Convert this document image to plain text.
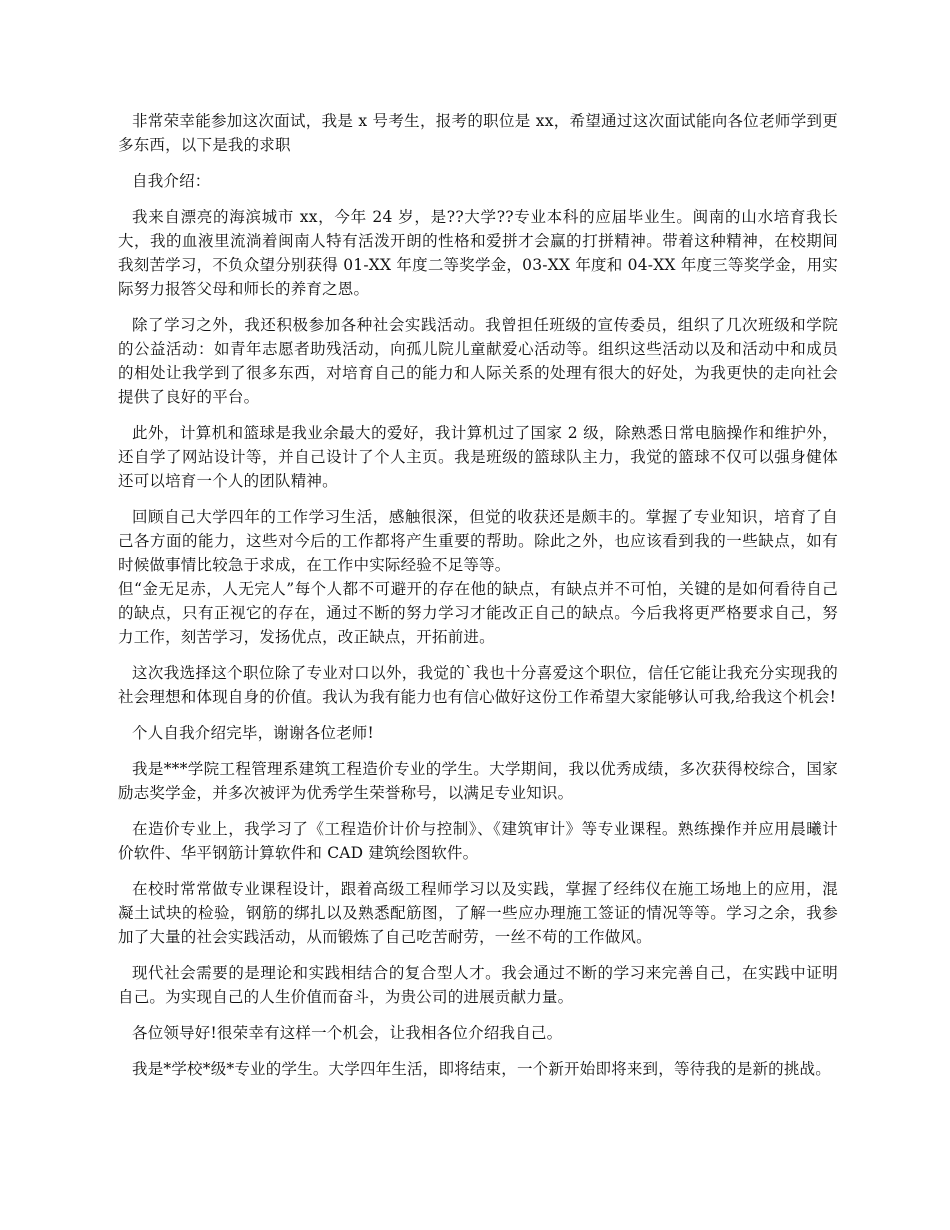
非常荣幸能参加这次面试，我是 x 号考生，报考的职位是 xx，希望通过这次面试能向各位老师学到更多东西，以下是我的求职

自我介绍：

我来自漂亮的海滨城市 xx，今年 24 岁，是??大学??专业本科的应届毕业生。闽南的山水培育我长大，我的血液里流淌着闽南人特有活泼开朗的性格和爱拼才会赢的打拼精神。带着这种精神，在校期间我刻苦学习，不负众望分别获得 01-XX 年度二等奖学金，03-XX 年度和 04-XX 年度三等奖学金，用实际努力报答父母和师长的养育之恩。

除了学习之外，我还积极参加各种社会实践活动。我曾担任班级的宣传委员，组织了几次班级和学院的公益活动：如青年志愿者助残活动，向孤儿院儿童献爱心活动等。组织这些活动以及和活动中和成员的相处让我学到了很多东西，对培育自己的能力和人际关系的处理有很大的好处，为我更快的走向社会提供了良好的平台。

此外，计算机和篮球是我业余最大的爱好，我计算机过了国家 2 级，除熟悉日常电脑操作和维护外，还自学了网站设计等，并自己设计了个人主页。我是班级的篮球队主力，我觉的篮球不仅可以强身健体还可以培育一个人的团队精神。

回顾自己大学四年的工作学习生活，感触很深，但觉的收获还是颇丰的。掌握了专业知识，培育了自己各方面的能力，这些对今后的工作都将产生重要的帮助。除此之外，也应该看到我的一些缺点，如有时候做事情比较急于求成，在工作中实际经验不足等等。

但“金无足赤，人无完人”每个人都不可避开的存在他的缺点，有缺点并不可怕，关键的是如何看待自己的缺点，只有正视它的存在，通过不断的努力学习才能改正自己的缺点。今后我将更严格要求自己，努力工作，刻苦学习，发扬优点，改正缺点，开拓前进。

这次我选择这个职位除了专业对口以外，我觉的`我也十分喜爱这个职位，信任它能让我充分实现我的社会理想和体现自身的价值。我认为我有能力也有信心做好这份工作希望大家能够认可我,给我这个机会!

个人自我介绍完毕，谢谢各位老师!

我是***学院工程管理系建筑工程造价专业的学生。大学期间，我以优秀成绩，多次获得校综合，国家励志奖学金，并多次被评为优秀学生荣誉称号，以满足专业知识。

在造价专业上，我学习了《工程造价计价与控制》、《建筑审计》等专业课程。熟练操作并应用晨曦计价软件、华平钢筋计算软件和 CAD 建筑绘图软件。

在校时常常做专业课程设计，跟着高级工程师学习以及实践，掌握了经纬仪在施工场地上的应用，混凝土试块的检验，钢筋的绑扎以及熟悉配筋图，了解一些应办理施工签证的情况等等。学习之余，我参加了大量的社会实践活动，从而锻炼了自己吃苦耐劳，一丝不苟的工作做风。

现代社会需要的是理论和实践相结合的复合型人才。我会通过不断的学习来完善自己，在实践中证明自己。为实现自己的人生价值而奋斗，为贵公司的进展贡献力量。

各位领导好!很荣幸有这样一个机会，让我相各位介绍我自己。

我是*学校*级*专业的学生。大学四年生活，即将结束，一个新开始即将来到，等待我的是新的挑战。
